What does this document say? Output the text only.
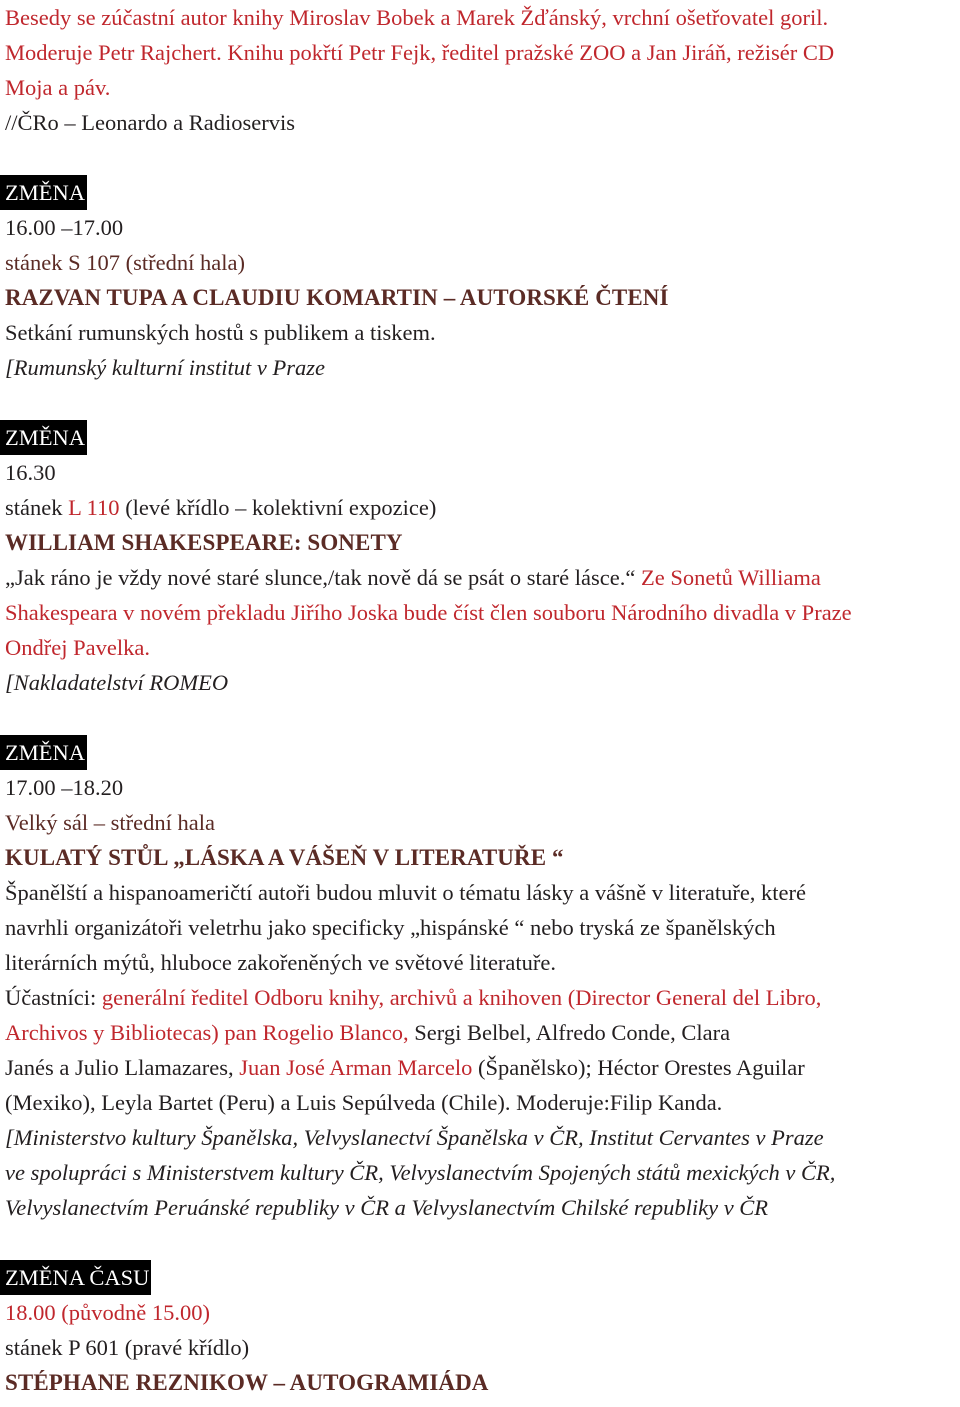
Besedy se zúčastní autor knihy Miroslav Bobek a Marek Žďánský, vrchní ošetřovatel goril.
Moderuje Petr Rajchert. Knihu pokřtí Petr Fejk, ředitel pražské ZOO a Jan Jiráň, režisér CD
Moja a páv.
//ČRo – Leonardo a Radioservis
ZMĚNA
16.00 –17.00
stánek S 107 (střední hala)
RAZVAN TUPA A CLAUDIU KOMARTIN – AUTORSKÉ ČTENÍ
Setkání rumunských hostů s publikem a tiskem.
[Rumunský kulturní institut v Praze
ZMĚNA
16.30
stánek L 110 (levé křídlo – kolektivní expozice)
WILLIAM SHAKESPEARE: SONETY
„Jak ráno je vždy nové staré slunce,/tak nově dá se psát o staré lásce.“ Ze Sonetů Williama
Shakespeara v novém překladu Jiřího Joska bude číst člen souboru Národního divadla v Praze
Ondřej Pavelka.
[Nakladatelství ROMEO
ZMĚNA
17.00 –18.20
Velký sál – střední hala
KULATÝ STŮL „LÁSKA A VÁŠEŇ V LITERATUŘE “
Španělští a hispanoameričtí autoři budou mluvit o tématu lásky a vášně v literatuře, které
navrhli organizátoři veletrhu jako specificky „hispánské “ nebo tryská ze španělských
literárních mýtů, hluboce zakořeněných ve světové literatuře.
Účastníci: generální ředitel Odboru knihy, archivů a knihoven (Director General del Libro,
Archivos y Bibliotecas) pan Rogelio Blanco, Sergi Belbel, Alfredo Conde, Clara
Janés a Julio Llamazares, Juan José Arman Marcelo (Španělsko); Héctor Orestes Aguilar
(Mexiko), Leyla Bartet (Peru) a Luis Sepúlveda (Chile). Moderuje:Filip Kanda.
[Ministerstvo kultury Španělska, Velvyslanectví Španělska v ČR, Institut Cervantes v Praze
ve spolupráci s Ministerstvem kultury ČR, Velvyslanectvím Spojených států mexických v ČR,
Velvyslanectvím Peruánské republiky v ČR a Velvyslanectvím Chilské republiky v ČR
ZMĚNA ČASU
18.00 (původně 15.00)
stánek P 601 (pravé křídlo)
STÉPHANE REZNIKOW – AUTOGRAMIÁDA
